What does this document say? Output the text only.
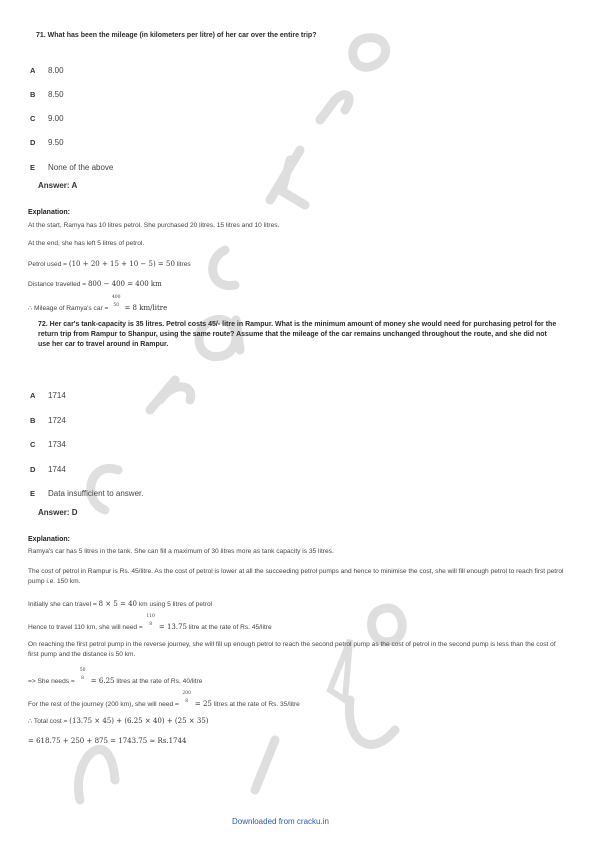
71. What has been the mileage (in kilometers per litre) of her car over the entire trip?
A 8.00
B 8.50
C 9.00
D 9.50
E None of the above
Answer: A
Explanation:
At the start, Ramya has 10 litres petrol. She purchased 20 litres, 15 litres and 10 litres.
At the end, she has left 5 litres of petrol.
Petrol used = (10 + 20 + 15 + 10 − 5) = 50 litres
Distance travelled = 800 − 400 = 400 km
∴ Mileage of Ramya's car =
400
50 = 8 km/litre
72. Her car's tank-capacity is 35 litres. Petrol costs 45/- litre in Rampur. What is the minimum amount of money she would need for purchasing petrol for the return trip from Rampur to Shanpur, using the same route? Assume that the mileage of the car remains unchanged throughout the route, and she did not use her car to travel around in Rampur.
A 1714
B 1724
C 1734
D 1744
E Data insufficient to answer.
Answer: D
Explanation:
Ramya's car has 5 litres in the tank. She can fill a maximum of 30 litres more as tank capacity is 35 litres.
The cost of petrol in Rampur is Rs. 45/litre. As the cost of petrol is lower at all the succeeding petrol pumps and hence to minimise the cost, she will fill enough petrol to reach first petrol pump i.e. 150 km.
Initially she can travel = 8 × 5 = 40 km using 5 litres of petrol
Hence to travel 110 km, she will need =
110
8 = 13.75 litre at the rate of Rs. 45/litre
On reaching the first petrol pump in the reverse journey, she will fill up enough petrol to reach the second petrol pump as the cost of petrol in the second pump is less than the cost of first pump and the distance is 50 km.
=> She needs =
50
8 = 6.25 litres at the rate of Rs. 40/litre
For the rest of the journey (200 km), she will need =
200
8 = 25 litres at the rate of Rs. 35/litre
∴ Total cost = (13.75 × 45) + (6.25 × 40) + (25 × 35)
= 618.75 + 250 + 875 = 1743.75 ≈ Rs.1744
Downloaded from cracku.in
